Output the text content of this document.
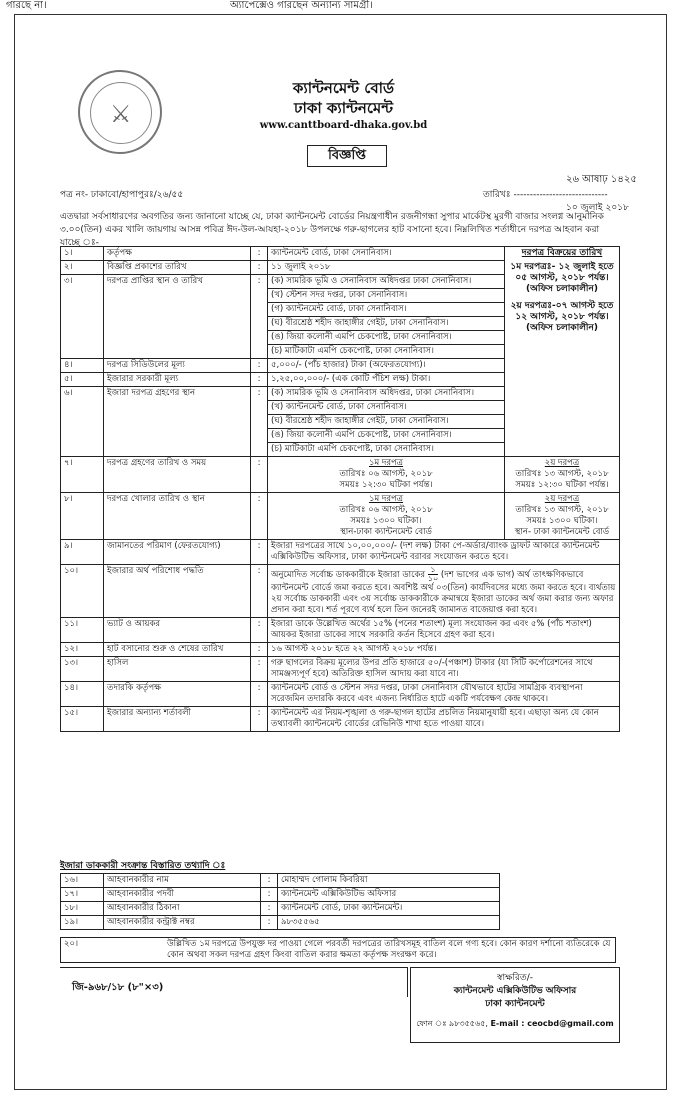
গারছে না।	অ্যাপেক্সেও গারছেন অন্যান্য সামগ্রী।
⚔
ক্যান্টনমেন্ট বোর্ড
ঢাকা ক্যান্টনমেন্ট
www.canttboard-dhaka.gov.bd
বিজ্ঞপ্তি
২৬ আষাঢ় ১৪২৫
পত্র নং- ঢাকাবো/হাপাপুরঃ/২৬/৫৫	তারিখঃ -----------------------------
১০ জুলাই ২০১৮
এতদ্বারা সর্বসাধারণের অবগতির জন্য জানানো যাচ্ছে যে, ঢাকা ক্যান্টনমেন্ট বোর্ডের নিয়ন্ত্রণাধীন রজনীগন্ধা সুপার মার্কেটস্থ মুরগী বাজার সংলগ্ন আনুমানিক ৩.০০(তিন) একর খালি জায়গায় আসন্ন পবিত্র ঈদ-উল-আযহা-২০১৮ উপলক্ষে গরু-ছাগলের হাট বসানো হবে। নিম্নলিখিত শর্তাধীনে দরপত্র আহবান করা যাচ্ছে ঃ-
১।	কর্তৃপক্ষ	:	ক্যান্টনমেন্ট বোর্ড, ঢাকা সেনানিবাস।	দরপত্র বিক্রয়ের তারিখ
১ম দরপত্রঃ- ১২ জুলাই হতে ০৫ আগস্ট, ২০১৮ পর্যন্ত। (অফিস চলাকালীন)
২য় দরপত্রঃ-০৭ আগস্ট হতে ১২ আগস্ট, ২০১৮ পর্যন্ত। (অফিস চলাকালীন)

২।	বিজ্ঞপ্তি প্রকাশের তারিখ	:	১১ জুলাই ২০১৮	
৩।	দরপত্র প্রাপ্তির স্থান ও তারিখ	:	(ক) সামরিক ভূমি ও সেনানিবাস অধিদপ্তর ঢাকা সেনানিবাস।	
			(খ) স্টেশন সদর দপ্তর, ঢাকা সেনানিবাস।	
			(গ) ক্যান্টনমেন্ট বোর্ড, ঢাকা সেনানিবাস।	
			(ঘ) বীরশ্রেষ্ঠ শহীদ জাহাঙ্গীর গেইট, ঢাকা সেনানিবাস।	
			(ঙ) জিয়া কলোনী এমপি চেকপোষ্ট, ঢাকা সেনানিবাস।	
			(চ) মাটিকাটা এমপি চেকপোষ্ট, ঢাকা সেনানিবাস।	
৪।	দরপত্র সিডিউলের মূল্য	:	৫,০০০/- (পাঁচ হাজার) টাকা (অফেরতযোগ্য)।	
৫।	ইজারার সরকারী মূল্য	:	১,২৫,০০,০০০/- (এক কোটি পঁচিশ লক্ষ) টাকা।	
৬।	ইজারা দরপত্র গ্রহণের স্থান	:	(ক) সামরিক ভূমি ও সেনানিবাস অধিদপ্তর, ঢাকা সেনানিবাস।	
			(খ) ক্যান্টনমেন্ট বোর্ড, ঢাকা সেনানিবাস।	
			(ঘ) বীরশ্রেষ্ঠ শহীদ জাহাঙ্গীর গেইট, ঢাকা সেনানিবাস।	
			(ঙ) জিয়া কলোনী এমপি চেকপোষ্ট, ঢাকা সেনানিবাস।	
			(চ) মাটিকাটা এমপি চেকপোষ্ট, ঢাকা সেনানিবাস।	
৭।	দরপত্র গ্রহণের তারিখ ও সময়	:	১ম দরপত্র
তারিখঃ ০৬ আগস্ট, ২০১৮
সময়ঃ ১২:৩০ ঘটিকা পর্যন্ত।	২য় দরপত্র
তারিখঃ ১৩ আগস্ট, ২০১৮
সময়ঃ ১২:৩০ ঘটিকা পর্যন্ত।
৮।	দরপত্র খোলার তারিখ ও স্থান	:	১ম দরপত্র
তারিখঃ ০৬ আগস্ট, ২০১৮
সময়ঃ ১৩০০ ঘটিকা।
স্থান-ঢাকা ক্যান্টনমেন্ট বোর্ড	২য় দরপত্র
তারিখঃ ১৩ আগস্ট, ২০১৮
সময়ঃ ১৩০০ ঘটিকা।
স্থান- ঢাকা ক্যান্টনমেন্ট বোর্ড
৯।	জামানতের পরিমাণ (ফেরতযোগ্য)	:	ইজারা দরপত্রের সাথে ১০,০০,০০০/- (দশ লক্ষ) টাকা পে-অর্ডার/ব্যাংক ড্রাফট আকারে ক্যান্টনমেন্ট এক্সিকিউটিভ অফিসার, ঢাকা ক্যান্টনমেন্ট বরাবর সংযোজন করতে হবে।	
১০।	ইজারার অর্থ পরিশোধ পদ্ধতি	:	অনুমোদিত সর্বোচ্চ ডাককারীকে ইজারা ডাকের $\frac{১}{১০}$ (দশ ভাগের এক ভাগ) অর্থ তাৎক্ষণিকভাবে ক্যান্টনমেন্ট বোর্ডে জমা করতে হবে। অবশিষ্ট অর্থ ০৩(তিন) কার্যদিবসের মধ্যে জমা করতে হবে। ব্যর্থতায় ২য় সর্বোচ্চ ডাককারী এবং ৩য় সর্বোচ্চ ডাককারীকে ক্রমান্বয়ে ইজারা ডাকের অর্থ জমা করার জন্য অফার প্রদান করা হবে। শর্ত পূরণে ব্যর্থ হলে তিন জনেরই জামানত বাজেয়াপ্ত করা হবে।	
১১।	ভ্যাট ও আয়কর	:	ইজারা ডাকে উল্লেখিত অর্থের ১৫% (পনের শতাংশ) মূল্য সংযোজন কর এবং ৫% (পাঁচ শতাংশ) আয়কর ইজারা ডাকের সাথে সরকারি কর্তন হিসেবে গ্রহণ করা হবে।	
১২।	হাট বসানোর শুরু ও শেষের তারিখ	:	১৬ আগস্ট ২০১৮ হতে ২২ আগস্ট ২০১৮ পর্যন্ত।	
১৩।	হাসিল	:	গরু ছাগলের বিক্রয় মূল্যের উপর প্রতি হাজারে ৫০/-(পঞ্চাশ) টাকার (যা সিটি কর্পোরেশনের সাথে সামঞ্জস্যপূর্ণ হবে) অতিরিক্ত হাসিল আদায় করা যাবে না।	
১৪।	তদারকি কর্তৃপক্ষ	:	ক্যান্টনমেন্ট বোর্ড ও স্টেশন সদর দপ্তর, ঢাকা সেনানিবাস যৌথভাবে হাটের সামগ্রিক ব্যবস্থাপনা সরেজমিন তদারকি করবে এবং এজন্য নির্ধারিত হাটে একটি পর্যবেক্ষণ কেন্দ্র থাকবে।	
১৫।	ইজারার অন্যান্য শর্তাবলী	:	ক্যান্টনমেন্ট এর নিয়ম-শৃঙ্খলা ও গরু-ছাগল হাটের প্রচলিত নিয়মানুযায়ী হবে। এছাড়া অন্য যে কোন তথ্যাবলী ক্যান্টনমেন্ট বোর্ডের রেভিনিউ শাখা হতে পাওয়া যাবে।	
ইজারা ডাককারী সংক্রান্ত বিস্তারিত তথ্যাদি ঃ
১৬।	আহবানকারীর নাম	:	মোহাম্মদ গোলাম কিবরিয়া
১৭।	আহবানকারীর পদবী	:	ক্যান্টনমেন্ট এক্সিকিউটিভ অফিসার
১৮।	আহবানকারীর ঠিকানা	:	ক্যান্টনমেন্ট বোর্ড, ঢাকা ক্যান্টনমেন্ট।
১৯।	আহবানকারীর কন্ট্রাক্ট নম্বর	:	৯৮৩৫৫৬৫
২০।	উল্লিখিত ১ম দরপত্রে উপযুক্ত দর পাওয়া গেলে পরবর্তী দরপত্রের তারিখসমূহ বাতিল বলে গণ্য হবে। কোন কারণ দর্শানো ব্যতিরেকে যে কোন অথবা সকল দরপত্র গ্রহণ কিংবা বাতিল করার ক্ষমতা কর্তৃপক্ষ সংরক্ষণ করে।
জি-৯৬৮/১৮ (৮"×৩)
স্বাক্ষরিত/-
ক্যান্টনমেন্ট এক্সিকিউটিভ অফিসার
ঢাকা ক্যান্টনমেন্ট
ফোন ঃ ৯৮৩৫৫৬৫, E-mail : ceocbd@gmail.com
